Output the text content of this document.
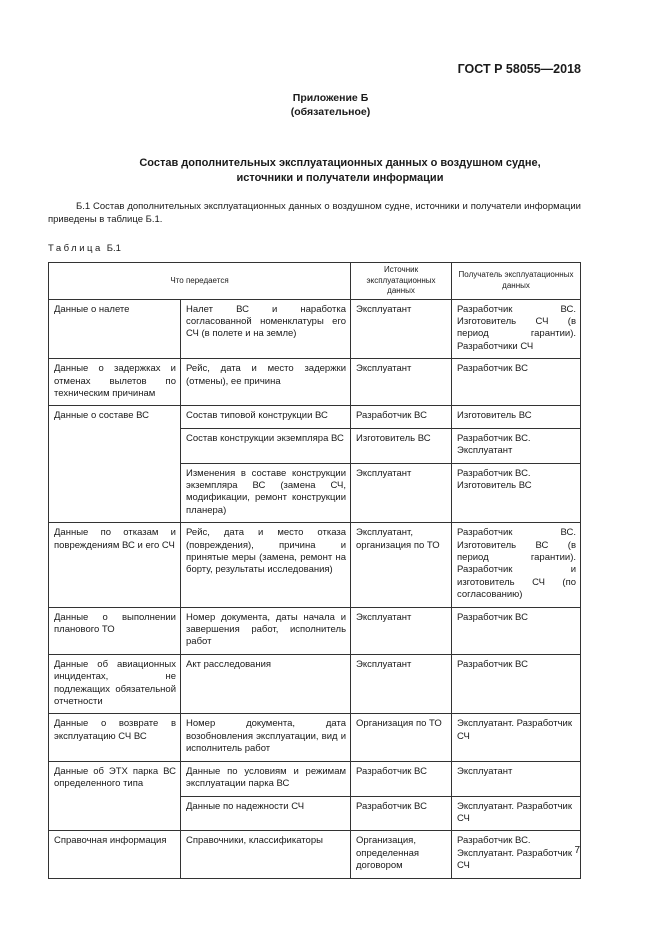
ГОСТ Р 58055—2018
Приложение Б
(обязательное)
Состав дополнительных эксплуатационных данных о воздушном судне,
источники и получатели информации
Б.1 Состав дополнительных эксплуатационных данных о воздушном судне, источники и получатели информации приведены в таблице Б.1.
Таблица Б.1
Что передается		Источник эксплуатационных данных	Получатель эксплуатационных данных
Данные о налете	Налет ВС и наработка согласованной номенклатуры его СЧ (в полете и на земле)	Эксплуатант	Разработчик ВС. Изготовитель СЧ (в период гарантии). Разработчики СЧ
Данные о задержках и отменах вылетов по техническим причинам	Рейс, дата и место задержки (отмены), ее причина	Эксплуатант	Разработчик ВС
Данные о составе ВС	Состав типовой конструкции ВС	Разработчик ВС	Изготовитель ВС
	Состав конструкции экземпляра ВС	Изготовитель ВС	Разработчик ВС. Эксплуатант
	Изменения в составе конструкции экземпляра ВС (замена СЧ, модификации, ремонт конструкции планера)	Эксплуатант	Разработчик ВС. Изготовитель ВС
Данные по отказам и повреждениям ВС и его СЧ	Рейс, дата и место отказа (повреждения), причина и принятые меры (замена, ремонт на борту, результаты исследования)	Эксплуатант, организация по ТО	Разработчик ВС. Изготовитель ВС (в период гарантии). Разработчик и изготовитель СЧ (по согласованию)
Данные о выполнении планового ТО	Номер документа, даты начала и завершения работ, исполнитель работ	Эксплуатант	Разработчик ВС
Данные об авиационных инцидентах, не подлежащих обязательной отчетности	Акт расследования	Эксплуатант	Разработчик ВС
Данные о возврате в эксплуатацию СЧ ВС	Номер документа, дата возобновления эксплуатации, вид и исполнитель работ	Организация по ТО	Эксплуатант. Разработчик СЧ
Данные об ЭТХ парка ВС определенного типа	Данные по условиям и режимам эксплуатации парка ВС	Разработчик ВС	Эксплуатант
	Данные по надежности СЧ	Разработчик ВС	Эксплуатант. Разработчик СЧ
Справочная информация	Справочники, классификаторы	Организация, определенная договором	Разработчик ВС. Эксплуатант. Разработчик СЧ
7
